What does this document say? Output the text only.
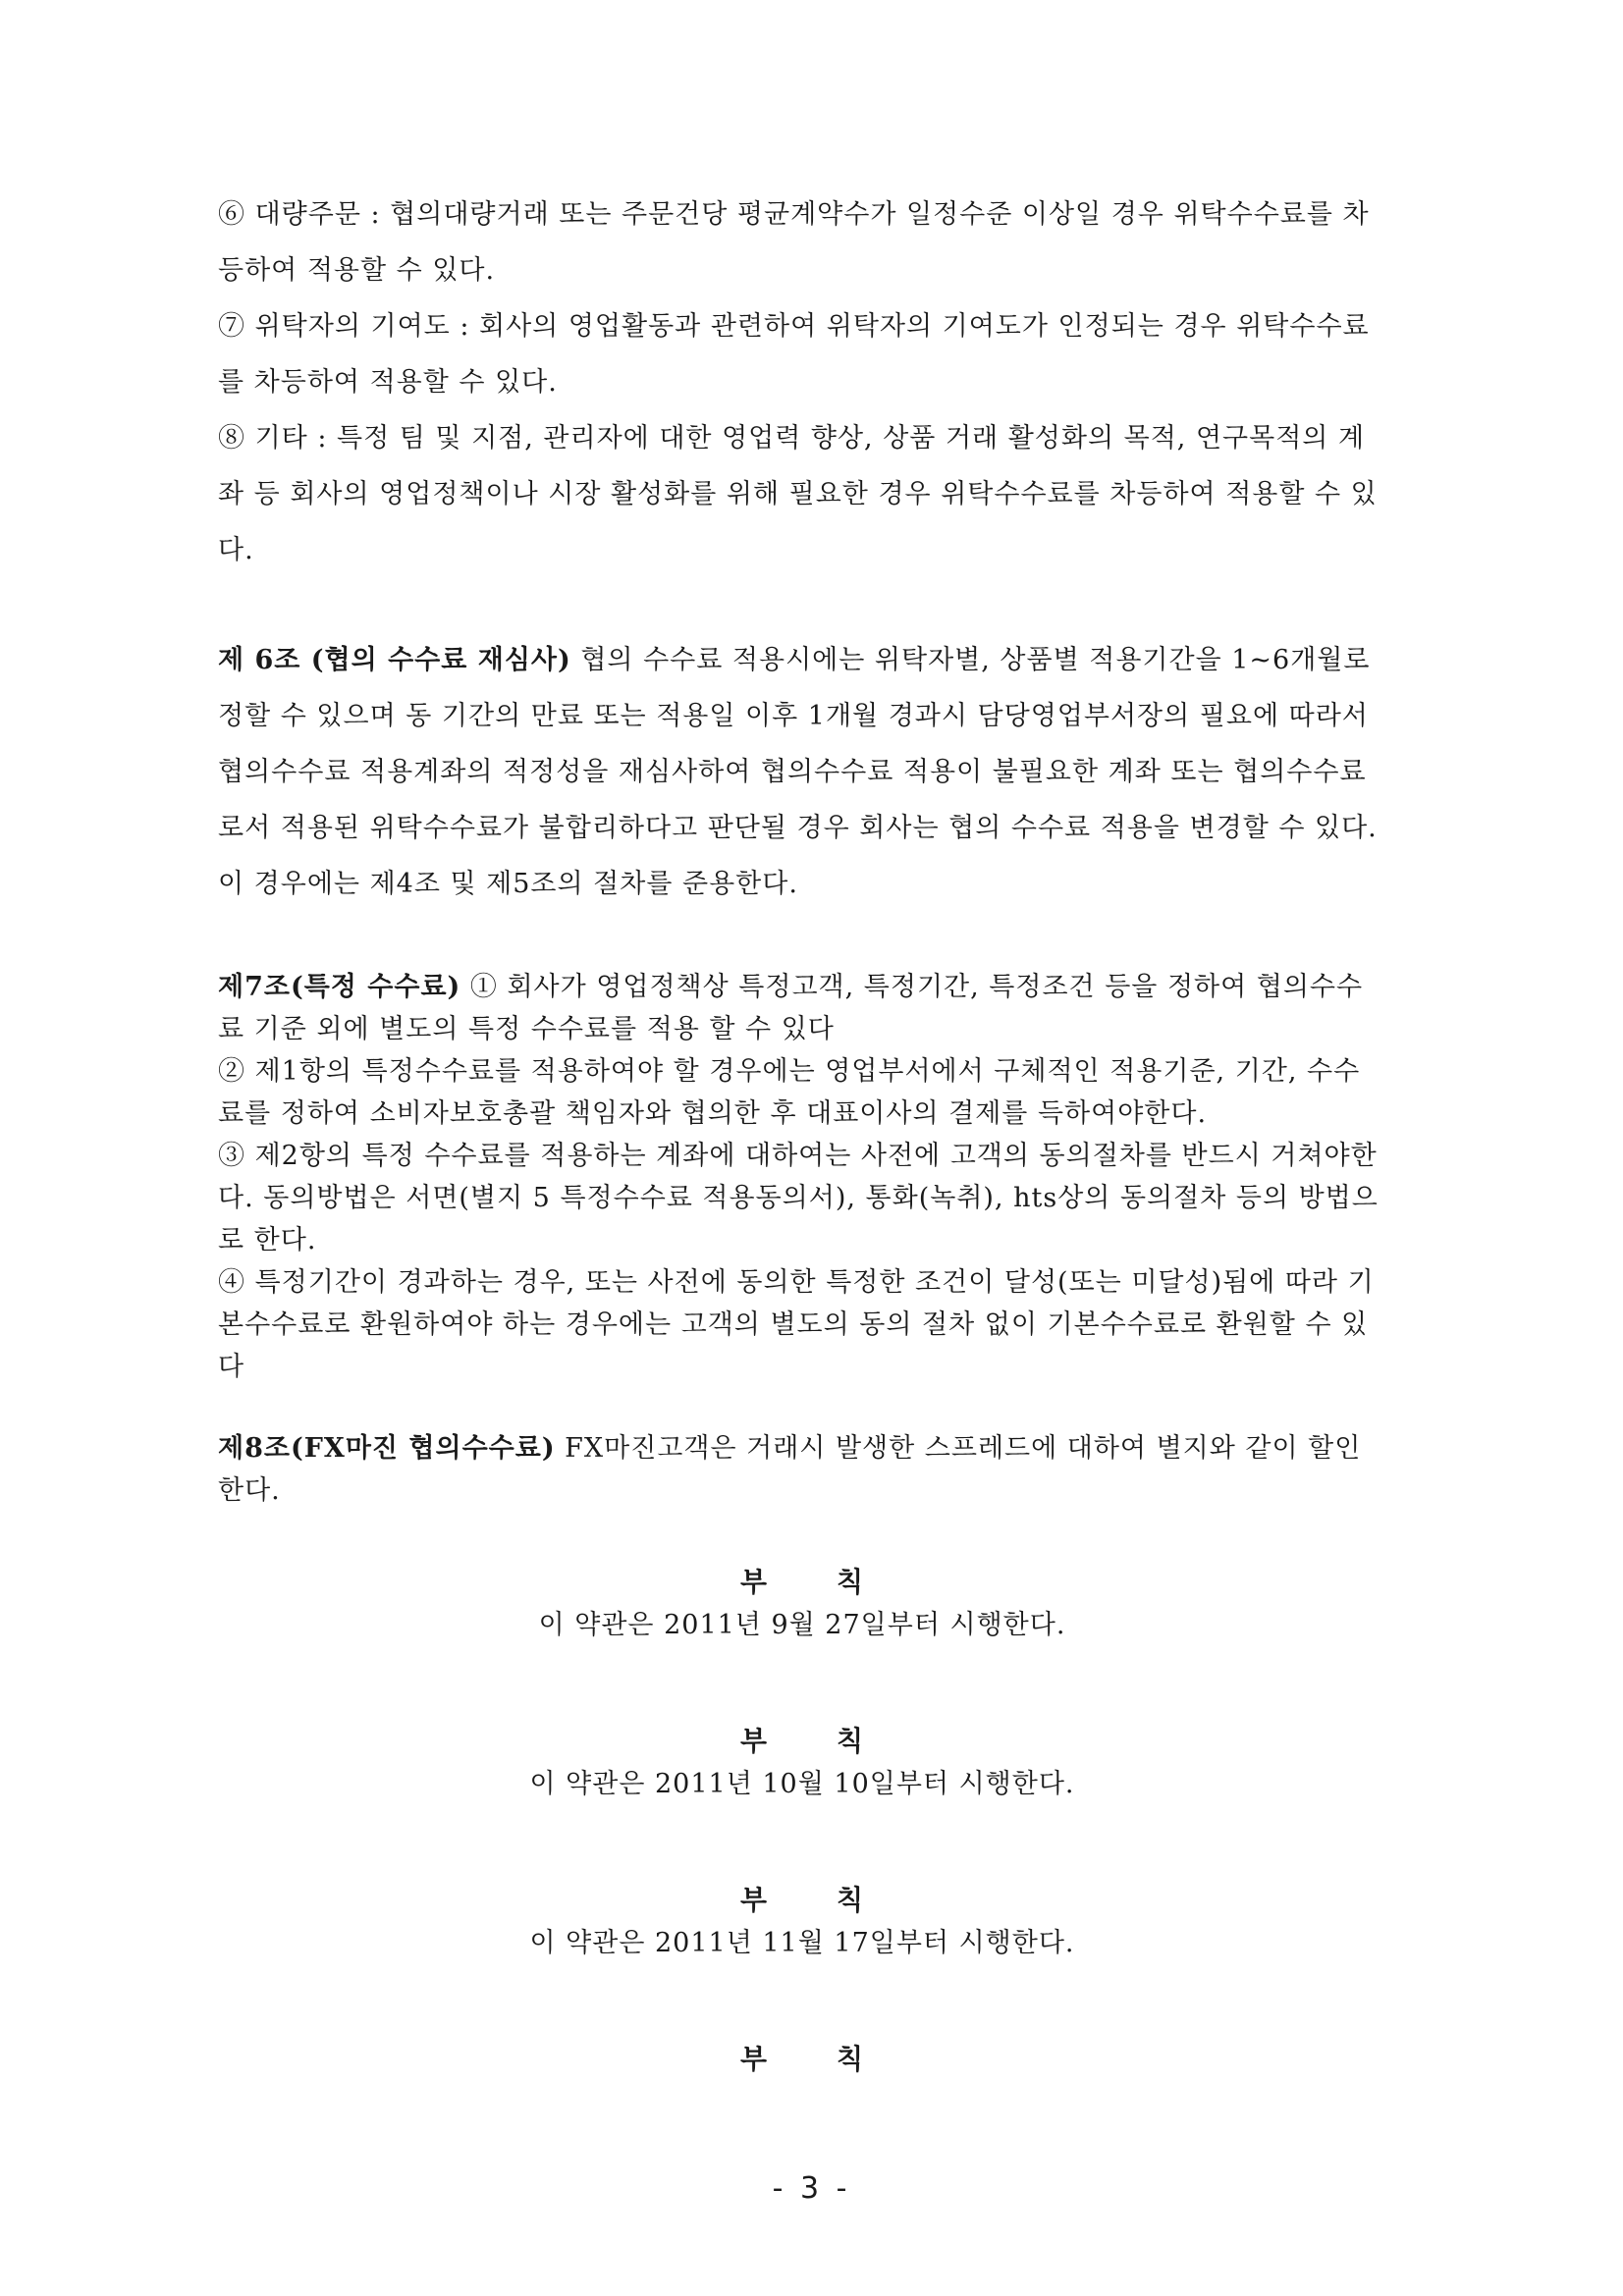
⑥ 대량주문 : 협의대량거래 또는 주문건당 평균계약수가 일정수준 이상일 경우 위탁수수료를 차등하여 적용할 수 있다.

⑦ 위탁자의 기여도 : 회사의 영업활동과 관련하여 위탁자의 기여도가 인정되는 경우 위탁수수료를 차등하여 적용할 수 있다.

⑧ 기타 : 특정 팀 및 지점, 관리자에 대한 영업력 향상, 상품 거래 활성화의 목적, 연구목적의 계좌 등 회사의 영업정책이나 시장 활성화를 위해 필요한 경우 위탁수수료를 차등하여 적용할 수 있다.

제 6조 (협의 수수료 재심사) 협의 수수료 적용시에는 위탁자별, 상품별 적용기간을 1~6개월로 정할 수 있으며 동 기간의 만료 또는 적용일 이후 1개월 경과시 담당영업부서장의 필요에 따라서 협의수수료 적용계좌의 적정성을 재심사하여 협의수수료 적용이 불필요한 계좌 또는 협의수수료로서 적용된 위탁수수료가 불합리하다고 판단될 경우 회사는 협의 수수료 적용을 변경할 수 있다. 이 경우에는 제4조 및 제5조의 절차를 준용한다.

제7조(특정 수수료) ① 회사가 영업정책상 특정고객, 특정기간, 특정조건 등을 정하여 협의수수료 기준 외에 별도의 특정 수수료를 적용 할 수 있다

② 제1항의 특정수수료를 적용하여야 할 경우에는 영업부서에서 구체적인 적용기준, 기간, 수수료를 정하여 소비자보호총괄 책임자와 협의한 후 대표이사의 결제를 득하여야한다.

③ 제2항의 특정 수수료를 적용하는 계좌에 대하여는 사전에 고객의 동의절차를 반드시 거쳐야한다. 동의방법은 서면(별지 5 특정수수료 적용동의서), 통화(녹취), hts상의 동의절차 등의 방법으로 한다.

④ 특정기간이 경과하는 경우, 또는 사전에 동의한 특정한 조건이 달성(또는 미달성)됨에 따라 기본수수료로 환원하여야 하는 경우에는 고객의 별도의 동의 절차 없이 기본수수료로 환원할 수 있다

제8조(FX마진 협의수수료) FX마진고객은 거래시 발생한 스프레드에 대하여 별지와 같이 할인한다.

부	칙
이 약관은 2011년 9월 27일부터 시행한다.
부	칙
이 약관은 2011년 10월 10일부터 시행한다.
부	칙
이 약관은 2011년 11월 17일부터 시행한다.
부	칙
- 3 -
